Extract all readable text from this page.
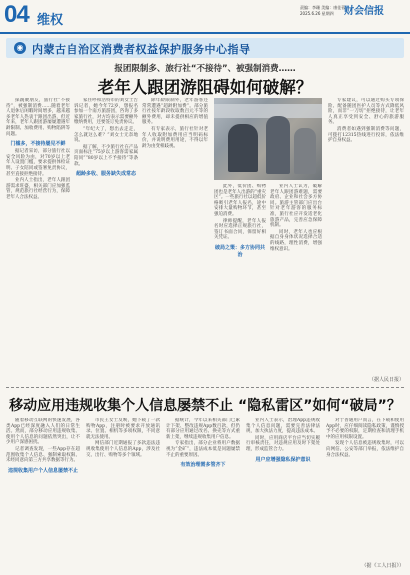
04 维权
责编：李珊 美编：康佳蓉 2025.6.26 星期四	财会信报
◉ 内蒙古自治区消费者权益保护服务中心指导
报团限制多、旅行社“不接待”、被强制消费……
老年人跟团游阻碍如何破解？

探親聚朋友，旅行社“不接待”，被强制消费……随着老年人退休后闲暇时间增多，越来越多老年人热衷于跟团出游，但近年来，老年人跟团游屡屡遭遇年龄限制、加收费用、购物陷阱等问题。

门槛多，不接待屡见不鲜

据记者采访，部分旅行社以安全风险为由，对70岁以上老年人设置门槛，要求提供体检证明、子女陪同或签署免责协议，甚至直接拒绝接待。

业内人士指出，老年人跟团游需求旺盛，相关部门应加强监管，规范旅行社经营行为，保障老年人合法权益。

家住呼和浩特市的刘女士告诉记者，她今年72岁，想报名参加一个南方旅游团，咨询了多家旅行社，对方均表示需要额外缴纳费用，还要签订免责协议。

“年纪大了，想出去走走，怎么就这么难？”刘女士无奈地说。

据了解，不少旅行社在产品页面标注“75岁以上游客需家属陪同”“80岁以上不予接待”等条款。

超龄多收、服务缺失成常态

除年龄限制外，老年游客还常常遭遇“超龄附加费”。部分旅行社按年龄段收取数百元不等的额外费用，却未提供相应的增值服务。

有专家表示，旅行社针对老年人收取附加费用应当明码标价，并说明费用用途，不得以年龄为由变相歧视。

此外，低价团、购物团也是老年人出游的“重灾区”。一些旅行社以超低价格吸引老年人报名，途中安排大量购物环节，甚至强迫消费。

律师提醒，老年人报名时应选择正规旅行社，签订书面合同，保留好相关凭证。

破局之策：多方协同共治

业内人士认为，破解老年人跟团游难题，需要政府、企业和社会多方协同。旅游主管部门应出台针对老年游客的服务标准，旅行社应开发适老化旅游产品，完善应急保障机制。

同时，老年人也应根据自身身体状况选择合适的线路，理性消费，增强维权意识。

专家建议，可以通过购买专项保险、配备随团医护人员等方式降低风险，而非“一刀切”拒绝接待，让老年人真正享受到安全、舒心的旅游服务。

消费者如遇到强制消费等问题，可拨打12315热线进行投诉，依法维护自身权益。

（据人民日报）
移动应用违规收集个人信息屡禁不止 “隐私雷区”如何“破局”？

随着移动互联网的快速发展，各类App已经深度融入人们的日常生活。然而，部分移动应用违规收集、使用个人信息的问题依然突出，让不少用户深感困扰。

记者调查发现，一些App存在超范围收集个人信息、强制索取权限、未经同意向第三方共享数据等行为。

违规收集用户个人信息屡禁不止

市民王女士反映，她下载了一款购物App，注册时被要求开放通讯录、位置、相机等多项权限，不同意就无法使用。

网信部门近期通报了多款违法违规收集使用个人信息的App，涉及社交、出行、购物等多个领域。

据统计，今年以来相关部门已累计下架、整改违规App数百款，但仍有部分应用通过改名、换壳等方式重新上架，继续违规收集用户信息。

专家指出，部分企业将用户数据视为“金矿”，违法成本低是问题屡禁不止的重要原因。

有效治理需多管齐下

业内人士表示，治理App违规收集个人信息问题，需要完善法律法规，加大执法力度，提高违法成本。

同时，应用商店平台应当切实履行审核责任，对违规应用及时下架处理，形成监管合力。

用户应增强隐私保护意识

对于普通用户而言，在下载和使用App时，应仔细阅读隐私政策，谨慎授予不必要的权限，定期检查和清理手机中的应用权限设置。

发现个人信息被违规收集时，可以向网信、公安等部门举报，依法维护自身合法权益。

（据《工人日报》）
